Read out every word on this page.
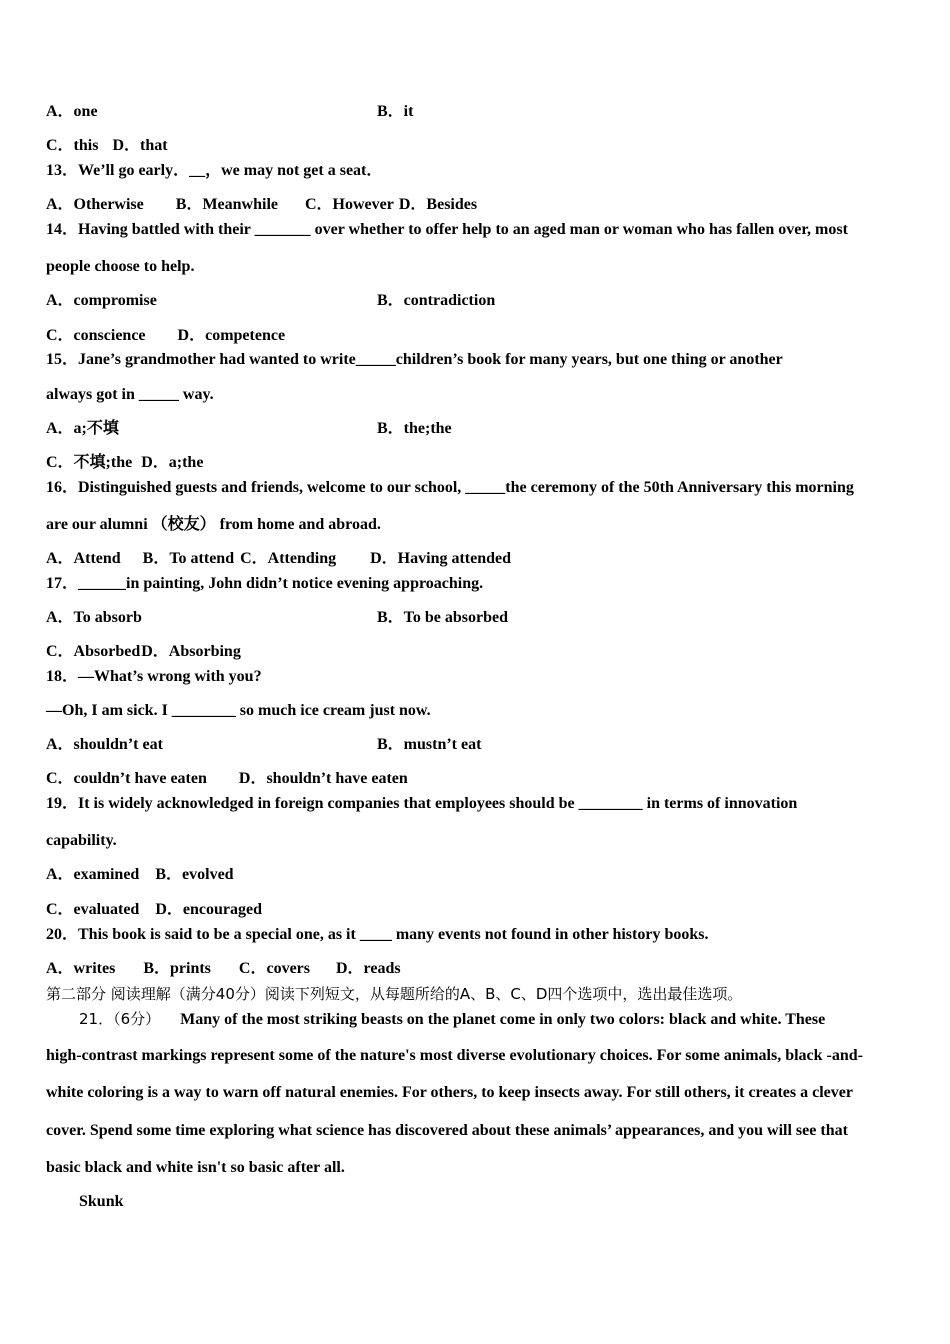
A．one	B．it
C．this D．that
13．We’ll go early．__，we may not get a seat．
A．Otherwise B．Meanwhile C．However D．Besides
14．Having battled with their _______ over whether to offer help to an aged man or woman who has fallen over, most
people choose to help.
A．compromise	B．contradiction
C．conscience D．competence
15．Jane’s grandmother had wanted to write_____children’s book for many years, but one thing or another
always got in _____ way.
A．a;不填	B．the;the
C．不填;the D．a;the
16．Distinguished guests and friends, welcome to our school, _____the ceremony of the 50th Anniversary this morning
are our alumni （校友） from home and abroad.
A．Attend B．To attend C．Attending D．Having attended
17．______in painting, John didn’t notice evening approaching.
A．To absorb	B．To be absorbed
C．AbsorbedD．Absorbing
18．—What’s wrong with you?
—Oh, I am sick. I ________ so much ice cream just now.
A．shouldn’t eat	B．mustn’t eat
C．couldn’t have eaten D．shouldn’t have eaten
19．It is widely acknowledged in foreign companies that employees should be ________ in terms of innovation
capability.
A．examined B．evolved
C．evaluated D．encouraged
20．This book is said to be a special one, as it ____ many events not found in other history books.
A．writes B．prints C．covers D．reads
第二部分 阅读理解（满分40分）阅读下列短文，从每题所给的A、B、C、D四个选项中，选出最佳选项。
21．（6分） Many of the most striking beasts on the planet come in only two colors: black and white. These
high-contrast markings represent some of the nature's most diverse evolutionary choices. For some animals, black -and-
white coloring is a way to warn off natural enemies. For others, to keep insects away. For still others, it creates a clever
cover. Spend some time exploring what science has discovered about these animals’ appearances, and you will see that
basic black and white isn't so basic after all.
Skunk
